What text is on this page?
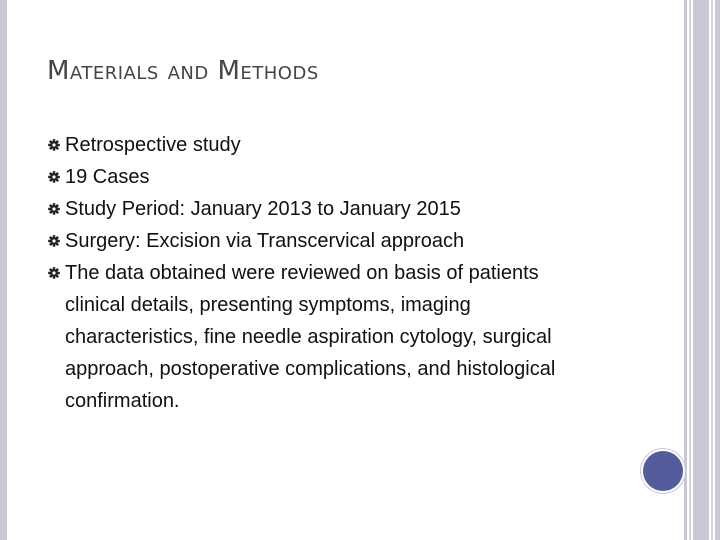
Materials and Methods
Retrospective study
19 Cases
Study Period: January 2013 to January 2015
Surgery: Excision via Transcervical approach
The data obtained were reviewed on basis of patients clinical details, presenting symptoms, imaging characteristics, fine needle aspiration cytology, surgical approach, postoperative complications, and histological confirmation.
